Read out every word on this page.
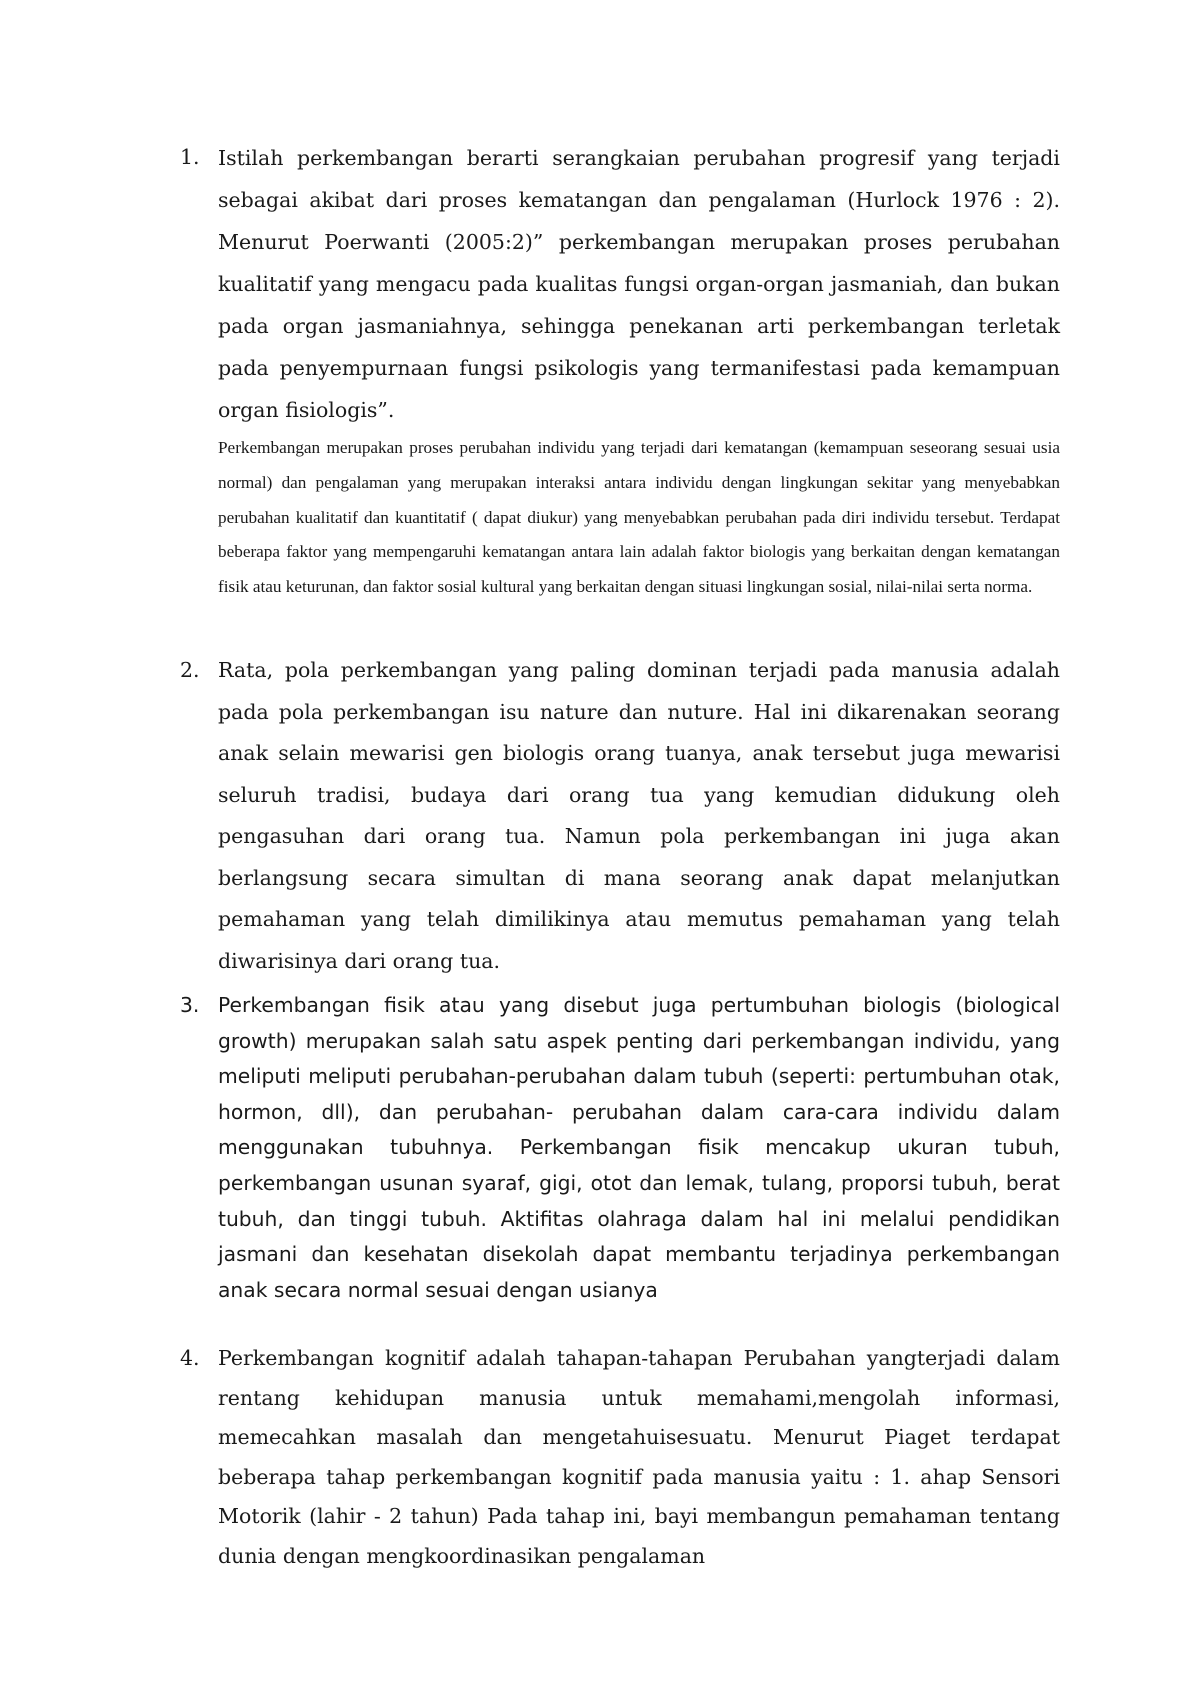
1. Istilah perkembangan berarti serangkaian perubahan progresif yang terjadi sebagai akibat dari proses kematangan dan pengalaman (Hurlock 1976 : 2). Menurut Poerwanti (2005:2)” perkembangan merupakan proses perubahan kualitatif yang mengacu pada kualitas fungsi organ-organ jasmaniah, dan bukan pada organ jasmaniahnya, sehingga penekanan arti perkembangan terletak pada penyempurnaan fungsi psikologis yang termanifestasi pada kemampuan organ fisiologis”.
Perkembangan merupakan proses perubahan individu yang terjadi dari kematangan (kemampuan seseorang sesuai usia normal) dan pengalaman yang merupakan interaksi antara individu dengan lingkungan sekitar yang menyebabkan perubahan kualitatif dan kuantitatif ( dapat diukur) yang menyebabkan perubahan pada diri individu tersebut. Terdapat beberapa faktor yang mempengaruhi kematangan antara lain adalah faktor biologis yang berkaitan dengan kematangan fisik atau keturunan, dan faktor sosial kultural yang berkaitan dengan situasi lingkungan sosial, nilai-nilai serta norma.
2. Rata, pola perkembangan yang paling dominan terjadi pada manusia adalah pada pola perkembangan isu nature dan nuture. Hal ini dikarenakan seorang anak selain mewarisi gen biologis orang tuanya, anak tersebut juga mewarisi seluruh tradisi, budaya dari orang tua yang kemudian didukung oleh pengasuhan dari orang tua. Namun pola perkembangan ini juga akan berlangsung secara simultan di mana seorang anak dapat melanjutkan pemahaman yang telah dimilikinya atau memutus pemahaman yang telah diwarisinya dari orang tua.
3. Perkembangan fisik atau yang disebut juga pertumbuhan biologis (biological growth) merupakan salah satu aspek penting dari perkembangan individu, yang meliputi meliputi perubahan-perubahan dalam tubuh (seperti: pertumbuhan otak, hormon, dll), dan perubahan- perubahan dalam cara-cara individu dalam menggunakan tubuhnya. Perkembangan fisik mencakup ukuran tubuh, perkembangan usunan syaraf, gigi, otot dan lemak, tulang, proporsi tubuh, berat tubuh, dan tinggi tubuh. Aktifitas olahraga dalam hal ini melalui pendidikan jasmani dan kesehatan disekolah dapat membantu terjadinya perkembangan anak secara normal sesuai dengan usianya
4. Perkembangan kognitif adalah tahapan-tahapan Perubahan yangterjadi dalam rentang kehidupan manusia untuk memahami,mengolah informasi, memecahkan masalah dan mengetahuisesuatu. Menurut Piaget terdapat beberapa tahap perkembangan kognitif pada manusia yaitu : 1. ahap Sensori Motorik (lahir - 2 tahun) Pada tahap ini, bayi membangun pemahaman tentang dunia dengan mengkoordinasikan pengalaman
